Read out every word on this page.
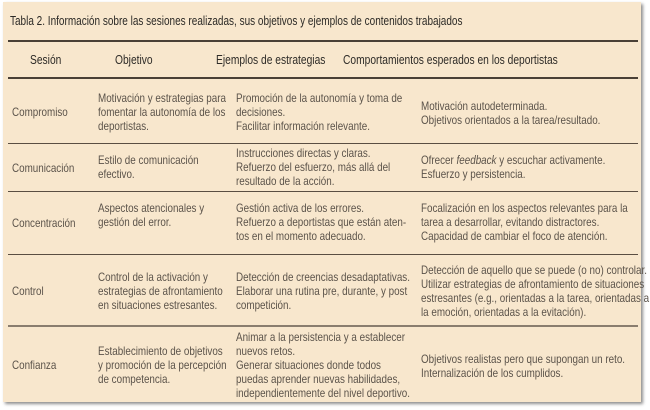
Tabla 2. Información sobre las sesiones realizadas, sus objetivos y ejemplos de contenidos trabajados
Sesión	Objetivo	Ejemplos de estrategias Comportamientos esperados en los deportistas
Compromiso
Motivación y estrategias para
fomentar la autonomía de los
deportistas.
Promoción de la autonomía y toma de
decisiones.
Facilitar información relevante.
Motivación autodeterminada.
Objetivos orientados a la tarea/resultado.
Comunicación
Estilo de comunicación
efectivo.
Instrucciones directas y claras.
Refuerzo del esfuerzo, más allá del
resultado de la acción.
Ofrecer feedback y escuchar activamente.
Esfuerzo y persistencia.
Concentración
Aspectos atencionales y
gestión del error.
Gestión activa de los errores.
Refuerzo a deportistas que están aten-
tos en el momento adecuado.
Focalización en los aspectos relevantes para la
tarea a desarrollar, evitando distractores.
Capacidad de cambiar el foco de atención.
Control
Control de la activación y
estrategias de afrontamiento
en situaciones estresantes.
Detección de creencias desadaptativas.
Elaborar una rutina pre, durante, y post
competición.
Detección de aquello que se puede (o no) controlar.
Utilizar estrategias de afrontamiento de situaciones
estresantes (e.g., orientadas a la tarea, orientadas a
la emoción, orientadas a la evitación).
Confianza
Establecimiento de objetivos
y promoción de la percepción
de competencia.
Animar a la persistencia y a establecer
nuevos retos.
Generar situaciones donde todos
puedas aprender nuevas habilidades,
independientemente del nivel deportivo.
Objetivos realistas pero que supongan un reto.
Internalización de los cumplidos.
